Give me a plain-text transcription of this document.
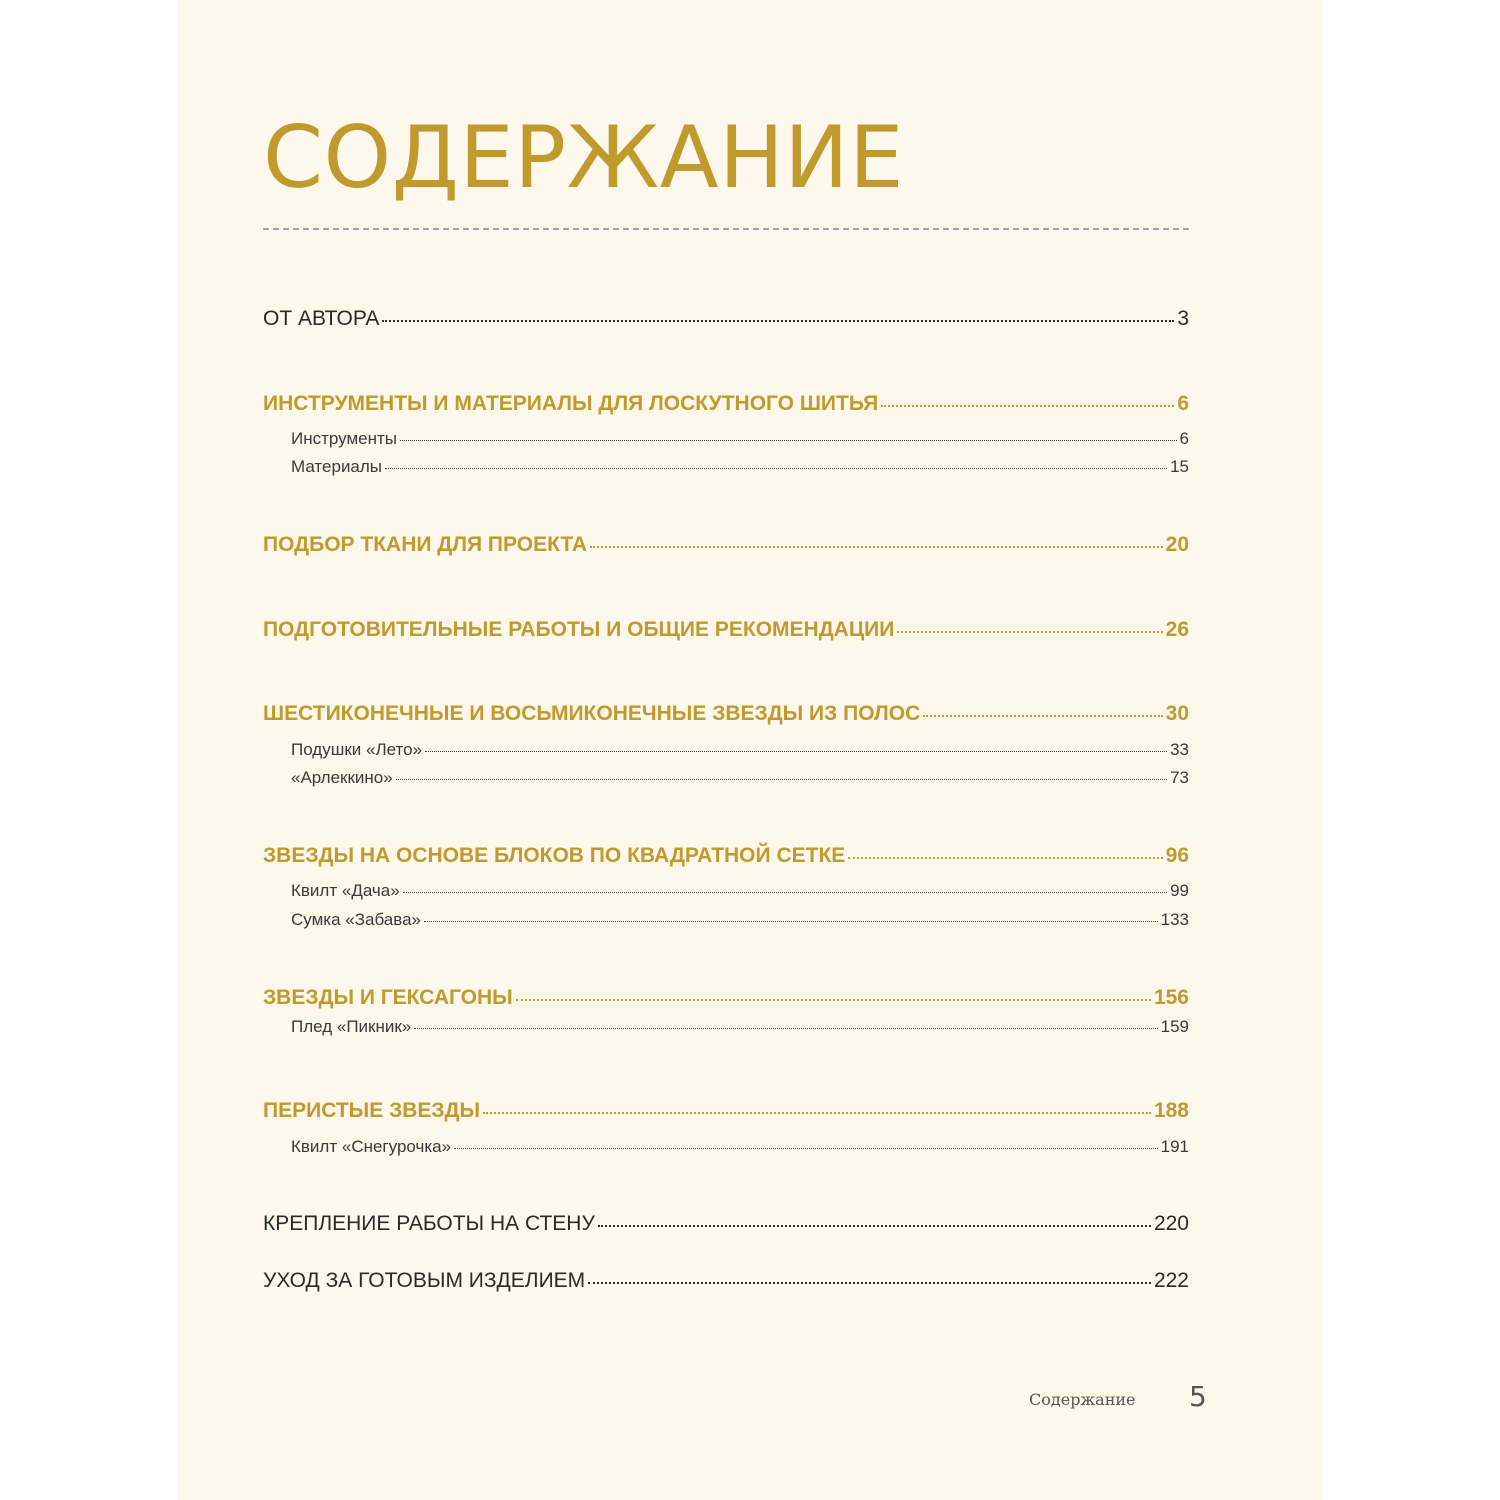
СОДЕРЖАНИЕ
ОТ АВТОРА	3
ИНСТРУМЕНТЫ И МАТЕРИАЛЫ ДЛЯ ЛОСКУТНОГО ШИТЬЯ	6
Инструменты	6
Материалы	15
ПОДБОР ТКАНИ ДЛЯ ПРОЕКТА	20
ПОДГОТОВИТЕЛЬНЫЕ РАБОТЫ И ОБЩИЕ РЕКОМЕНДАЦИИ	26
ШЕСТИКОНЕЧНЫЕ И ВОСЬМИКОНЕЧНЫЕ ЗВЕЗДЫ ИЗ ПОЛОС	30
Подушки «Лето»	33
«Арлеккино»	73
ЗВЕЗДЫ НА ОСНОВЕ БЛОКОВ ПО КВАДРАТНОЙ СЕТКЕ	96
Квилт «Дача»	99
Сумка «Забава»	133
ЗВЕЗДЫ И ГЕКСАГОНЫ	156
Плед «Пикник»	159
ПЕРИСТЫЕ ЗВЕЗДЫ	188
Квилт «Снегурочка»	191
КРЕПЛЕНИЕ РАБОТЫ НА СТЕНУ	220
УХОД ЗА ГОТОВЫМ ИЗДЕЛИЕМ	222
Содержание 5
